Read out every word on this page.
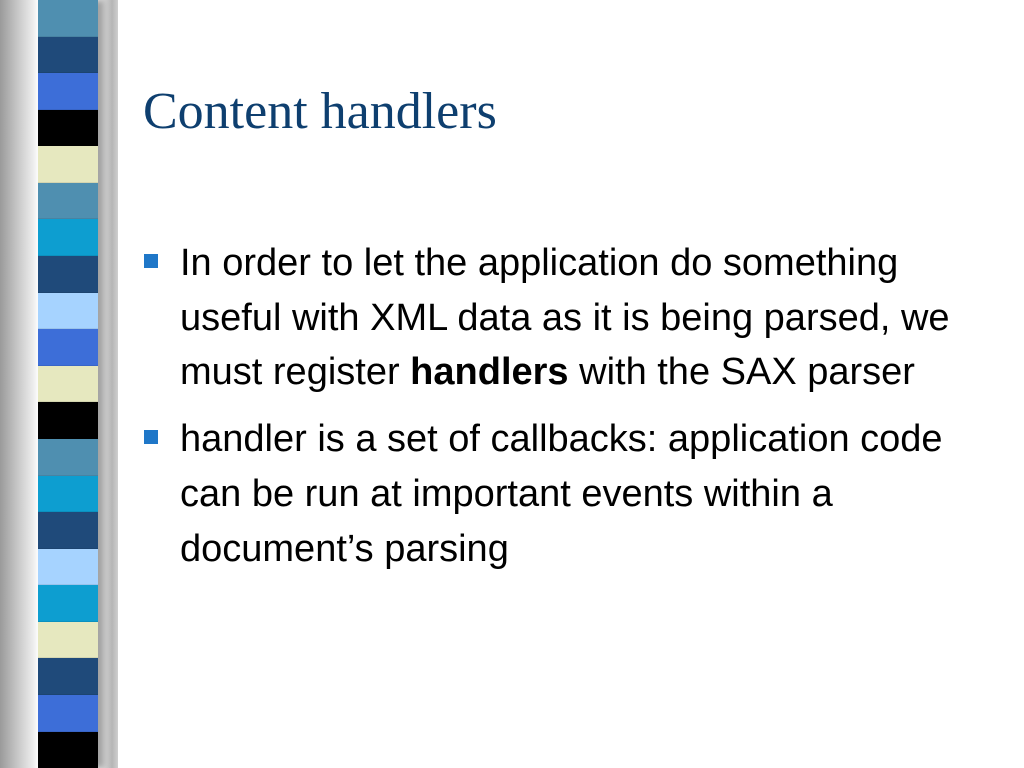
Content handlers
In order to let the application do something useful with XML data as it is being parsed, we must register handlers with the SAX parser
handler is a set of callbacks: application code can be run at important events within a document’s parsing
